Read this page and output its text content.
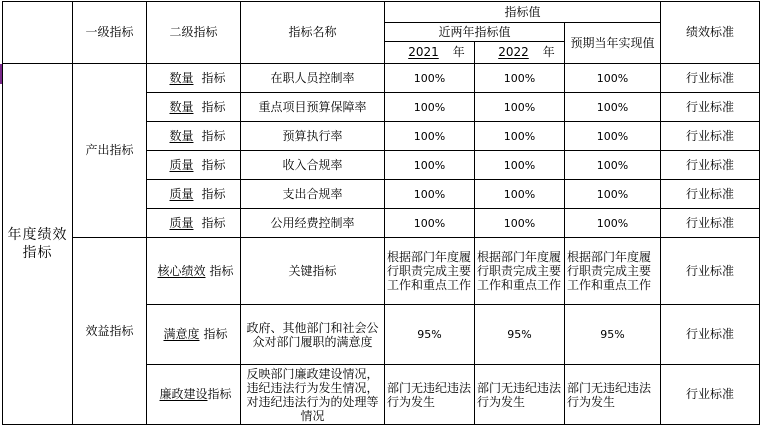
	一级指标	二级指标	指标名称	指标值			绩效标准
				近两年指标值		预期当年实现值	
				2021 年	2022 年		
年度绩效指标	产出指标	数量 指标	在职人员控制率	100%	100%	100%	行业标准
		数量 指标	重点项目预算保障率	100%	100%	100%	行业标准
		数量 指标	预算执行率	100%	100%	100%	行业标准
		质量 指标	收入合规率	100%	100%	100%	行业标准
		质量 指标	支出合规率	100%	100%	100%	行业标准
		质量 指标	公用经费控制率	100%	100%	100%	行业标准
	效益指标	核心绩效 指标	关键指标	根据部门年度履行职责完成主要工作和重点工作	根据部门年度履行职责完成主要工作和重点工作	根据部门年度履行职责完成主要工作和重点工作	行业标准
		满意度 指标	政府、其他部门和社会公众对部门履职的满意度	95%	95%	95%	行业标准
		廉政建设指标	反映部门廉政建设情况，违纪违法行为发生情况，对违纪违法行为的处理等情况	部门无违纪违法行为发生	部门无违纪违法行为发生	部门无违纪违法行为发生	行业标准
